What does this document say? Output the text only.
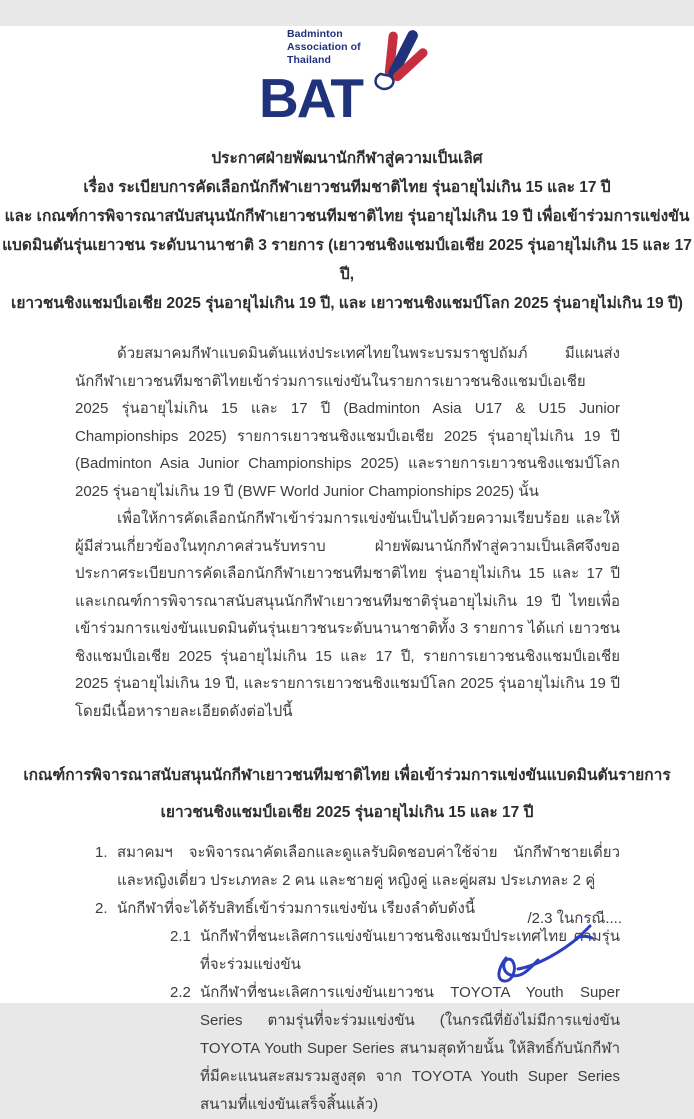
Badminton
Association of
Thailand
BAT
ประกาศฝ่ายพัฒนานักกีฬาสู่ความเป็นเลิศ
เรื่อง ระเบียบการคัดเลือกนักกีฬาเยาวชนทีมชาติไทย รุ่นอายุไม่เกิน 15 และ 17 ปี
และ เกณฑ์การพิจารณาสนับสนุนนักกีฬาเยาวชนทีมชาติไทย รุ่นอายุไม่เกิน 19 ปี เพื่อเข้าร่วมการแข่งขัน
แบดมินตันรุ่นเยาวชน ระดับนานาชาติ 3 รายการ (เยาวชนชิงแชมป์เอเชีย 2025 รุ่นอายุไม่เกิน 15 และ 17 ปี,
เยาวชนชิงแชมป์เอเชีย 2025 รุ่นอายุไม่เกิน 19 ปี, และ เยาวชนชิงแชมป์โลก 2025 รุ่นอายุไม่เกิน 19 ปี)

ด้วยสมาคมกีฬาแบดมินตันแห่งประเทศไทยในพระบรมราชูปถัมภ์ มีแผนส่งนักกีฬาเยาวชนทีมชาติไทยเข้าร่วมการแข่งขันในรายการเยาวชนชิงแชมป์เอเชีย 2025 รุ่นอายุไม่เกิน 15 และ 17 ปี (Badminton Asia U17 & U15 Junior Championships 2025) รายการเยาวชนชิงแชมป์เอเชีย 2025 รุ่นอายุไม่เกิน 19 ปี (Badminton Asia Junior Championships 2025) และรายการเยาวชนชิงแชมป์โลก 2025 รุ่นอายุไม่เกิน 19 ปี (BWF World Junior Championships 2025) นั้น

เพื่อให้การคัดเลือกนักกีฬาเข้าร่วมการแข่งขันเป็นไปด้วยความเรียบร้อย และให้ผู้มีส่วนเกี่ยวข้องในทุกภาคส่วนรับทราบ ฝ่ายพัฒนานักกีฬาสู่ความเป็นเลิศจึงขอประกาศระเบียบการคัดเลือกนักกีฬาเยาวชนทีมชาติไทย รุ่นอายุไม่เกิน 15 และ 17 ปี และเกณฑ์การพิจารณาสนับสนุนนักกีฬาเยาวชนทีมชาติรุ่นอายุไม่เกิน 19 ปี ไทยเพื่อเข้าร่วมการแข่งขันแบดมินตันรุ่นเยาวชนระดับนานาชาติทั้ง 3 รายการ ได้แก่ เยาวชนชิงแชมป์เอเชีย 2025 รุ่นอายุไม่เกิน 15 และ 17 ปี, รายการเยาวชนชิงแชมป์เอเชีย 2025 รุ่นอายุไม่เกิน 19 ปี, และรายการเยาวชนชิงแชมป์โลก 2025 รุ่นอายุไม่เกิน 19 ปี โดยมีเนื้อหารายละเอียดดังต่อไปนี้

เกณฑ์การพิจารณาสนับสนุนนักกีฬาเยาวชนทีมชาติไทย เพื่อเข้าร่วมการแข่งขันแบดมินตันรายการ
เยาวชนชิงแชมป์เอเชีย 2025 รุ่นอายุไม่เกิน 15 และ 17 ปี
1. สมาคมฯ จะพิจารณาคัดเลือกและดูแลรับผิดชอบค่าใช้จ่าย นักกีฬาชายเดี่ยวและหญิงเดี่ยว ประเภทละ 2 คน และชายคู่ หญิงคู่ และคู่ผสม ประเภทละ 2 คู่
2. นักกีฬาที่จะได้รับสิทธิ์เข้าร่วมการแข่งขัน เรียงลำดับดังนี้
2.1 นักกีฬาที่ชนะเลิศการแข่งขันเยาวชนชิงแชมป์ประเทศไทย ตามรุ่นที่จะร่วมแข่งขัน
2.2 นักกีฬาที่ชนะเลิศการแข่งขันเยาวชน TOYOTA Youth Super Series ตามรุ่นที่จะร่วมแข่งขัน (ในกรณีที่ยังไม่มีการแข่งขัน TOYOTA Youth Super Series สนามสุดท้ายนั้น ให้สิทธิ์กับนักกีฬาที่มีคะแนนสะสมรวมสูงสุด จาก TOYOTA Youth Super Series สนามที่แข่งขันเสร็จสิ้นแล้ว)
/2.3 ในกรณี....
